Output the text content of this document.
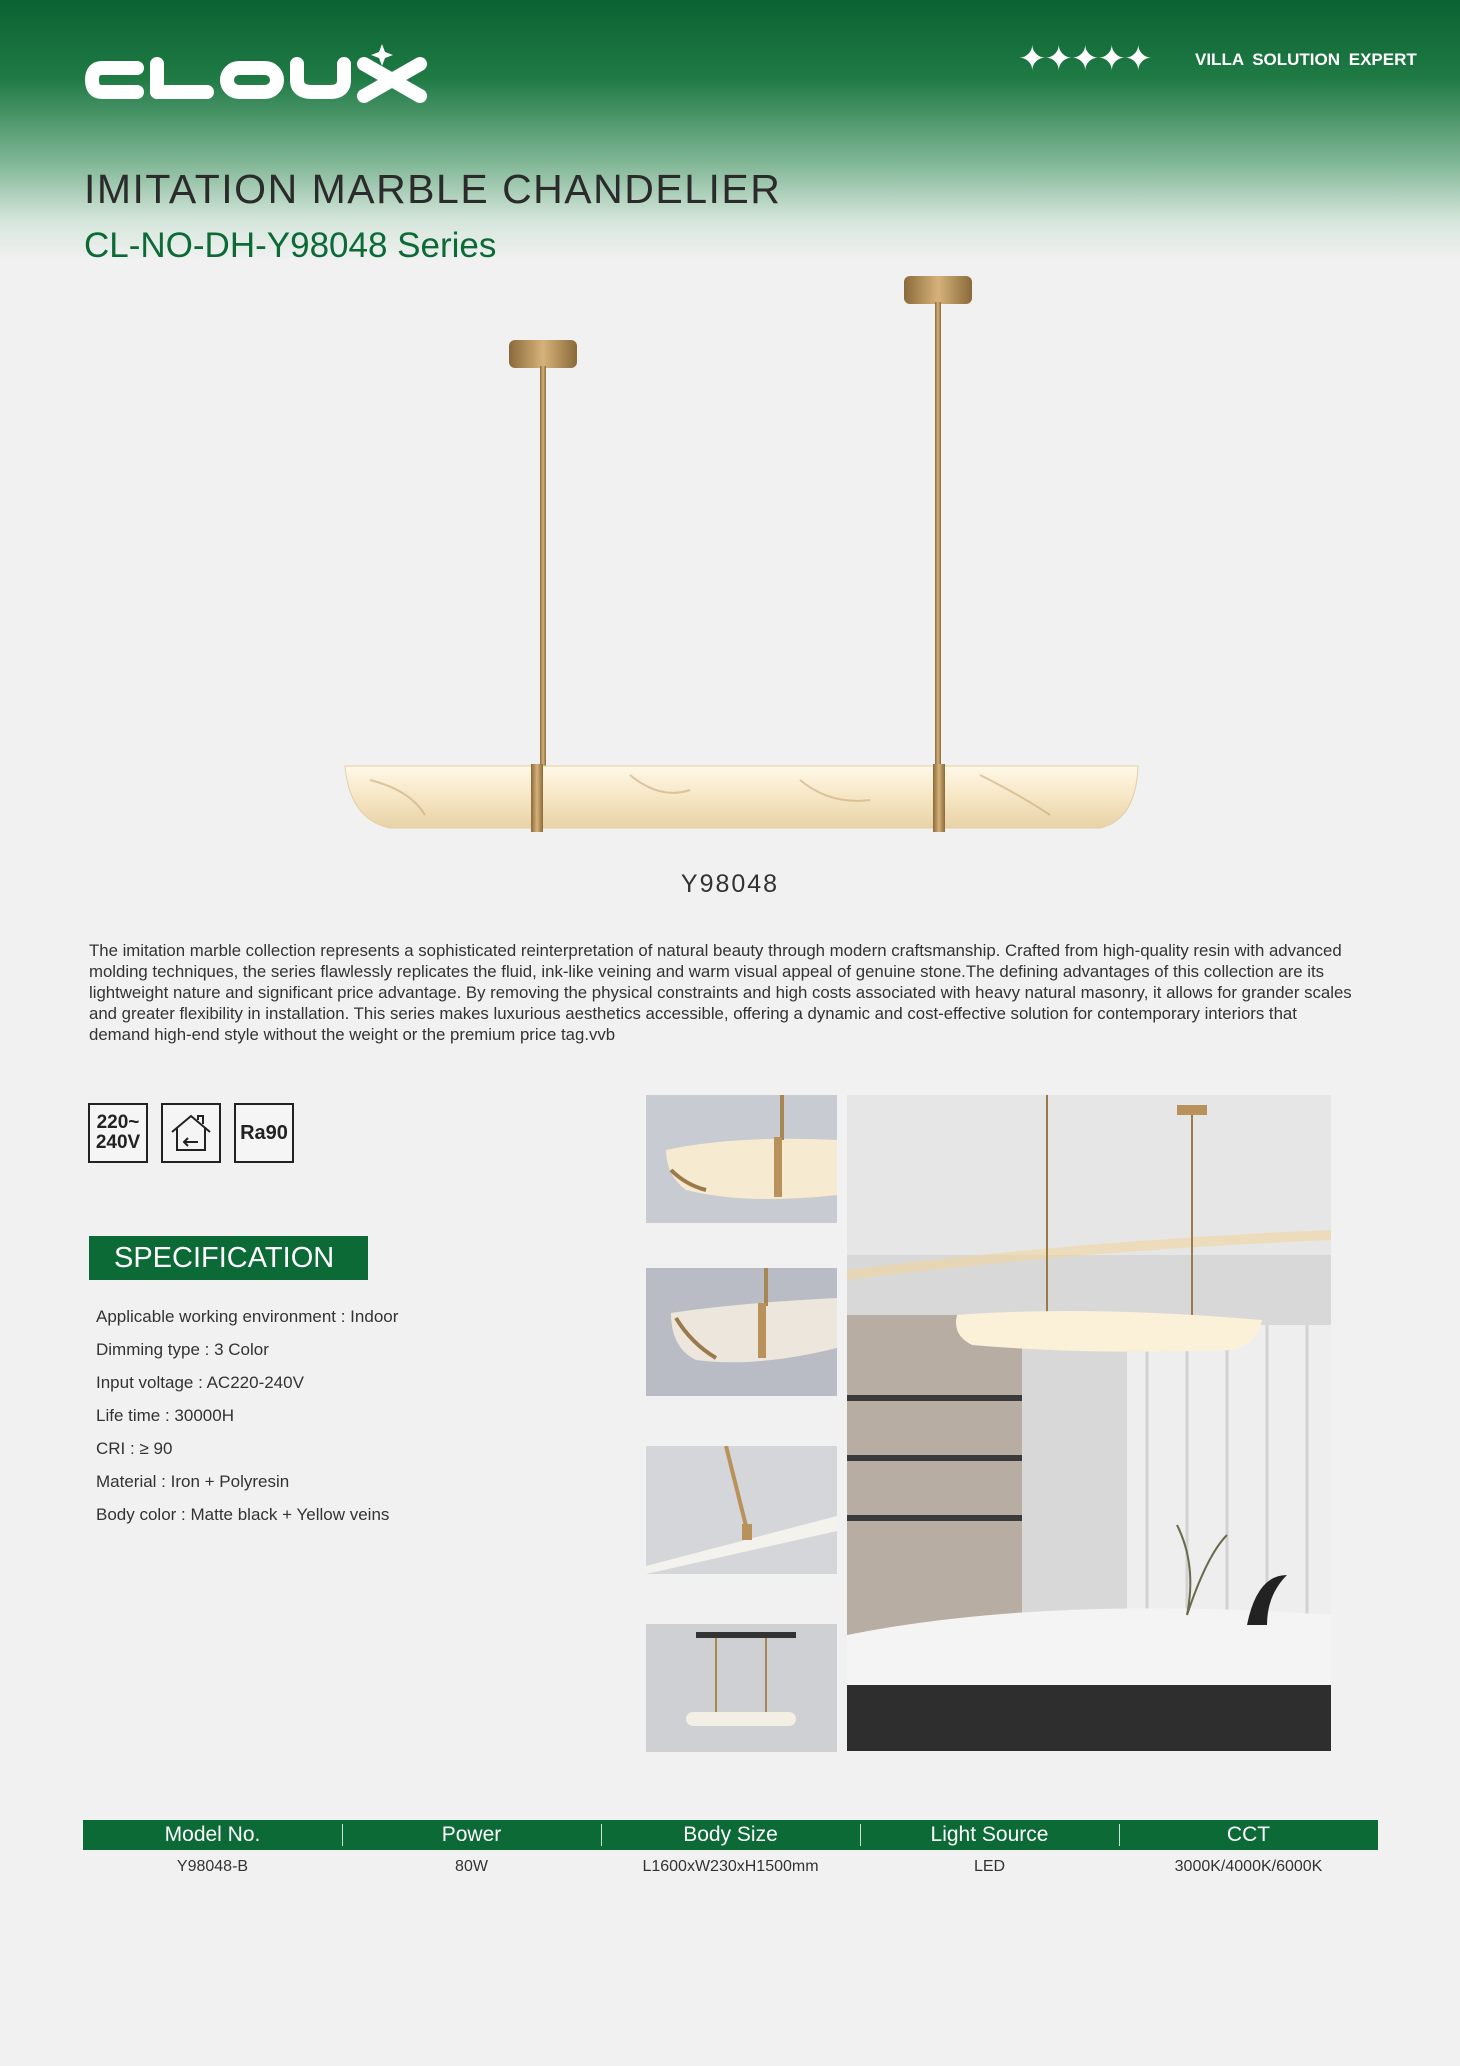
✦✦✦✦✦	VILLA SOLUTION EXPERT
IMITATION MARBLE CHANDELIER
CL-NO-DH-Y98048 Series
Y98048

The imitation marble collection represents a sophisticated reinterpretation of natural beauty through modern craftsmanship. Crafted from high-quality resin with advanced molding techniques, the series flawlessly replicates the fluid, ink-like veining and warm visual appeal of genuine stone.The defining advantages of this collection are its lightweight nature and significant price advantage. By removing the physical constraints and high costs associated with heavy natural masonry, it allows for grander scales and greater flexibility in installation. This series makes luxurious aesthetics accessible, offering a dynamic and cost-effective solution for contemporary interiors that demand high-end style without the weight or the premium price tag.vvb

220~
240V	Ra90
SPECIFICATION
Applicable working environment : Indoor
Dimming type : 3 Color
Input voltage : AC220-240V
Life time : 30000H
CRI : ≥ 90
Material : Iron + Polyresin
Body color : Matte black + Yellow veins
Model No.	Power	Body Size	Light Source	CCT
Y98048-B	80W	L1600xW230xH1500mm	LED	3000K/4000K/6000K
